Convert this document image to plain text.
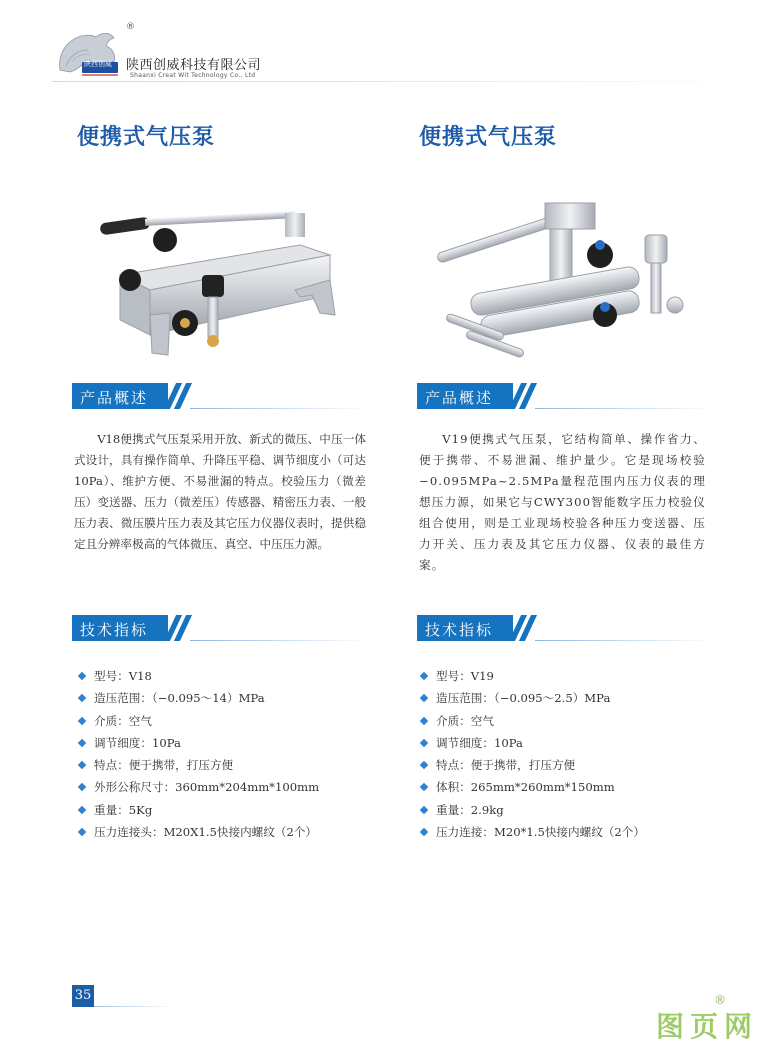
陕西创威
®
陕西创威科技有限公司
Shaanxi Creat Wit Technology Co., Ltd
便携式气压泵	便携式气压泵
产品概述	产品概述
V18便携式气压泵采用开放、新式的微压、中压一体式设计，具有操作简单、升降压平稳、调节细度小（可达10Pa）、维护方便、不易泄漏的特点。校验压力（微差压）变送器、压力（微差压）传感器、精密压力表、一般压力表、微压膜片压力表及其它压力仪器仪表时，提供稳定且分辨率极高的气体微压、真空、中压压力源。
V19便携式气压泵，它结构简单、操作省力、便于携带、不易泄漏、维护量少。它是现场校验−0.095MPa~2.5MPa量程范围内压力仪表的理想压力源，如果它与CWY300智能数字压力校验仪组合使用，则是工业现场校验各种压力变送器、压力开关、压力表及其它压力仪器、仪表的最佳方案。
技术指标	技术指标
型号：V18
造压范围：（−0.095～14）MPa
介质：空气
调节细度：10Pa
特点：便于携带，打压方便
外形公称尺寸：360mm*204mm*100mm
重量：5Kg
压力连接头：M20X1.5快接内螺纹（2个）
型号：V19
造压范围：（−0.095～2.5）MPa
介质：空气
调节细度：10Pa
特点：便于携带，打压方便
体积：265mm*260mm*150mm
重量：2.9kg
压力连接：M20*1.5快接内螺纹（2个）
35
图页网
®
